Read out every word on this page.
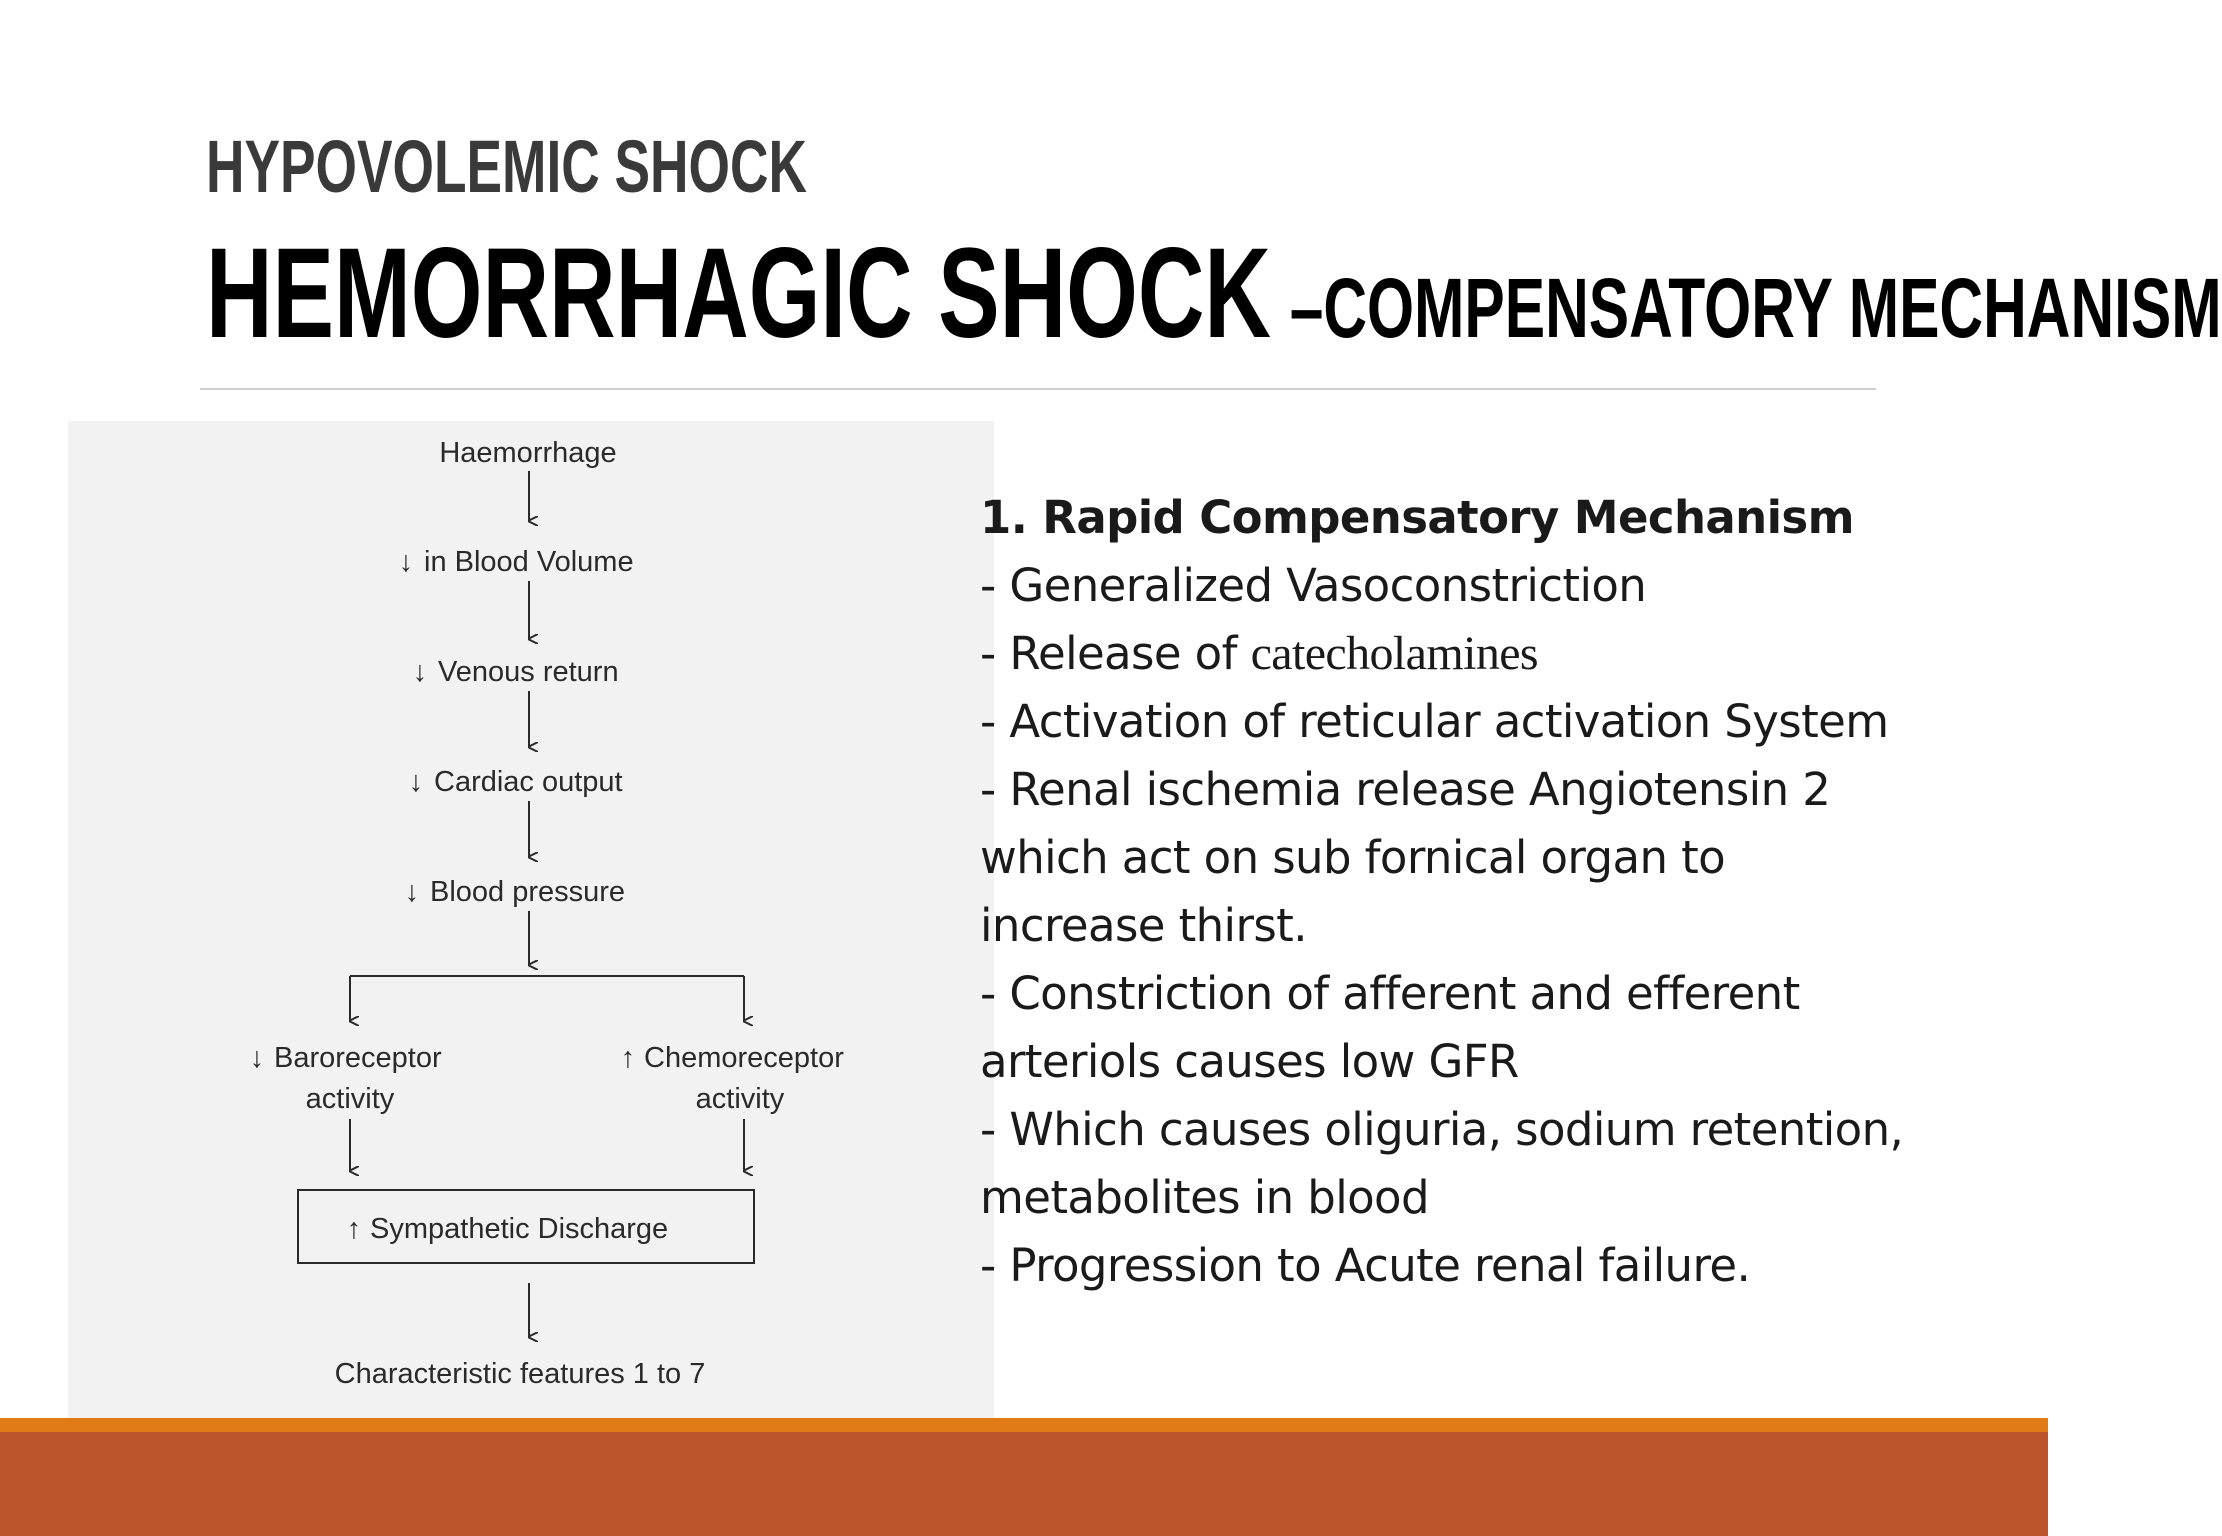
HYPOVOLEMIC SHOCK
HEMORRHAGIC SHOCK –COMPENSATORY MECHANISM
Haemorrhage
↓ in Blood Volume
↓ Venous return
↓ Cardiac output
↓ Blood pressure
↓ Baroreceptor
activity
↑ Chemoreceptor
activity
↑ Sympathetic Discharge
Characteristic features 1 to 7
1. Rapid Compensatory Mechanism
- Generalized Vasoconstriction
- Release of catecholamines
- Activation of reticular activation System
- Renal ischemia release Angiotensin 2
which act on sub fornical organ to
increase thirst.
- Constriction of afferent and efferent
arteriols causes low GFR
- Which causes oliguria, sodium retention,
metabolites in blood
- Progression to Acute renal failure.
